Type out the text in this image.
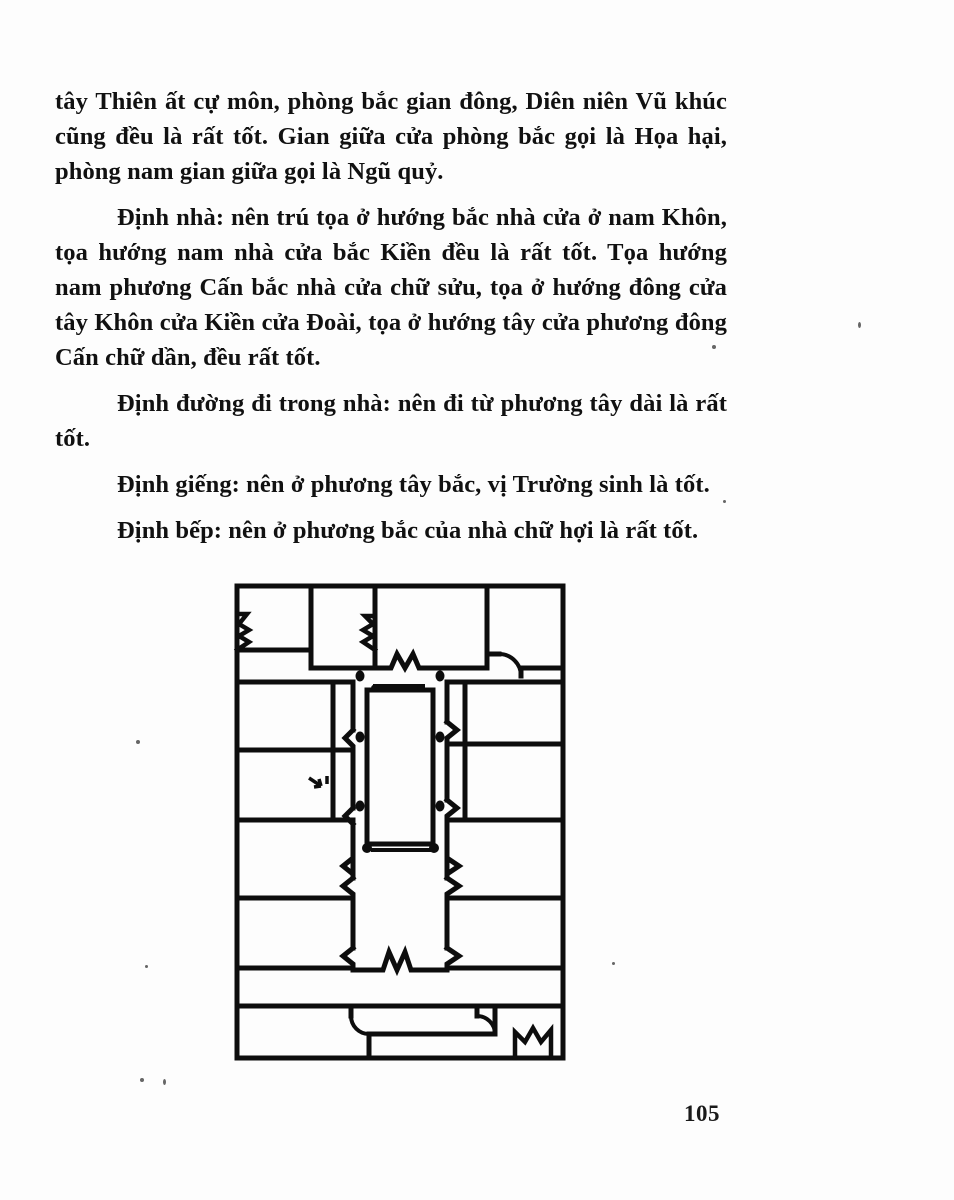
tây Thiên ất cự môn, phòng bắc gian đông, Diên niên Vũ khúc cũng đều là rất tốt. Gian giữa cửa phòng bắc gọi là Họa hại, phòng nam gian giữa gọi là Ngũ quỷ.

Định nhà: nên trú tọa ở hướng bắc nhà cửa ở nam Khôn, tọa hướng nam nhà cửa bắc Kiền đều là rất tốt. Tọa hướng nam phương Cấn bắc nhà cửa chữ sửu, tọa ở hướng đông cửa tây Khôn cửa Kiền cửa Đoài, tọa ở hướng tây cửa phương đông Cấn chữ dần, đều rất tốt.

Định đường đi trong nhà: nên đi từ phương tây dài là rất tốt.

Định giếng: nên ở phương tây bắc, vị Trường sinh là tốt.

Định bếp: nên ở phương bắc của nhà chữ hợi là rất tốt.

105
